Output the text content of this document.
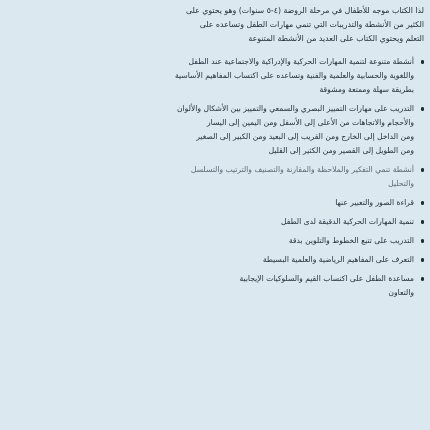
لذا الكتاب موجه للأطفال في مرحلة الروضة (٤-٥ سنوات) وهو يحتوي على
الكثير من الأنشطة والتدريبات التي تنمي مهارات الطفل وتساعده على
التعلم ويحتوي الكتاب على العديد من الأنشطة المتنوعة
أنشطة متنوعة لتنمية المهارات الحركية والإدراكية والاجتماعية عند الطفل
واللغوية والحسابية والعلمية والفنية وتساعده على اكتساب المفاهيم الأساسية
بطريقة سهلة وممتعة ومشوقة
التدريب على مهارات التمييز البصري والسمعي والتمييز بين الأشكال والألوان
والأحجام والاتجاهات من الأعلى إلى الأسفل ومن اليمين إلى اليسار
ومن الداخل إلى الخارج ومن القريب إلى البعيد ومن الكبير إلى الصغير
ومن الطويل إلى القصير ومن الكثير إلى القليل
أنشطة تنمي التفكير والملاحظة والمقارنة والتصنيف والترتيب والتسلسل
والتحليل
قراءة الصور والتعبير عنها
تنمية المهارات الحركية الدقيقة لدى الطفل
التدريب على تتبع الخطوط والتلوين بدقة
التعرف على المفاهيم الرياضية والعلمية البسيطة
مساعدة الطفل على اكتساب القيم والسلوكيات الإيجابية
والتعاون
